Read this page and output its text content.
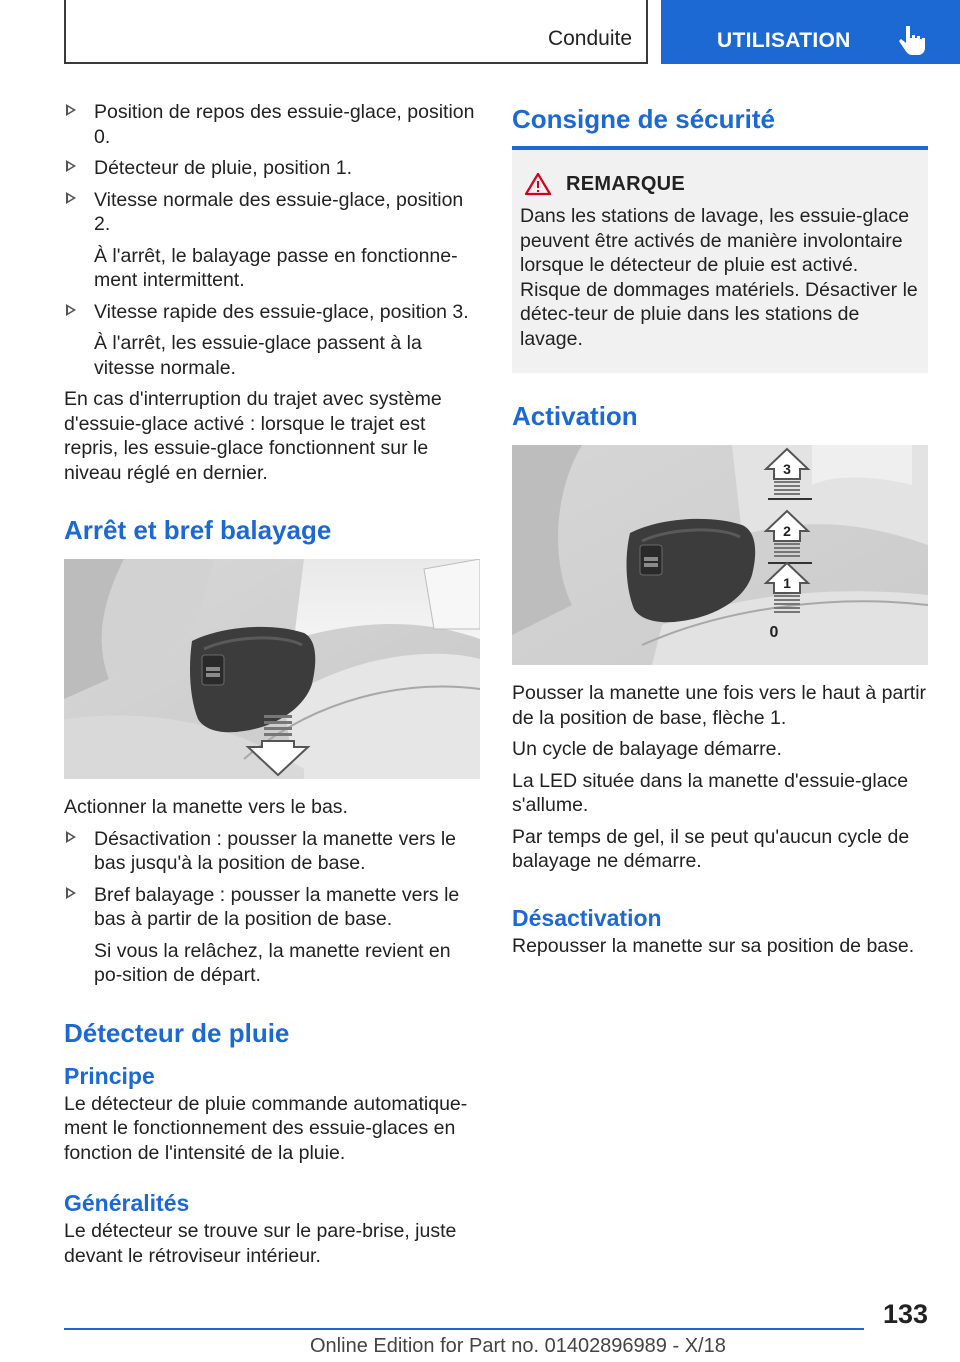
Conduite	UTILISATION

Position de repos des essuie-glace, position 0.

Détecteur de pluie, position 1.

Vitesse normale des essuie-glace, position 2.

À l'arrêt, le balayage passe en fonctionne-ment intermittent.

Vitesse rapide des essuie-glace, position 3.

À l'arrêt, les essuie-glace passent à la vitesse normale.

En cas d'interruption du trajet avec système d'essuie-glace activé : lorsque le trajet est repris, les essuie-glace fonctionnent sur le niveau réglé en dernier.

Arrêt et bref balayage

Actionner la manette vers le bas.

Désactivation : pousser la manette vers le bas jusqu'à la position de base.

Bref balayage : pousser la manette vers le bas à partir de la position de base.

Si vous la relâchez, la manette revient en po-sition de départ.

Détecteur de pluie
Principe

Le détecteur de pluie commande automatique-ment le fonctionnement des essuie-glaces en fonction de l'intensité de la pluie.

Généralités

Le détecteur se trouve sur le pare-brise, juste devant le rétroviseur intérieur.

Consigne de sécurité
REMARQUE

Dans les stations de lavage, les essuie-glace peuvent être activés de manière involontaire lorsque le détecteur de pluie est activé. Risque de dommages matériels. Désactiver le détec-teur de pluie dans les stations de lavage.

Activation
3
2
1
0

Pousser la manette une fois vers le haut à partir de la position de base, flèche 1.

Un cycle de balayage démarre.

La LED située dans la manette d'essuie-glace s'allume.

Par temps de gel, il se peut qu'aucun cycle de balayage ne démarre.

Désactivation

Repousser la manette sur sa position de base.

133
Online Edition for Part no. 01402896989 - X/18
